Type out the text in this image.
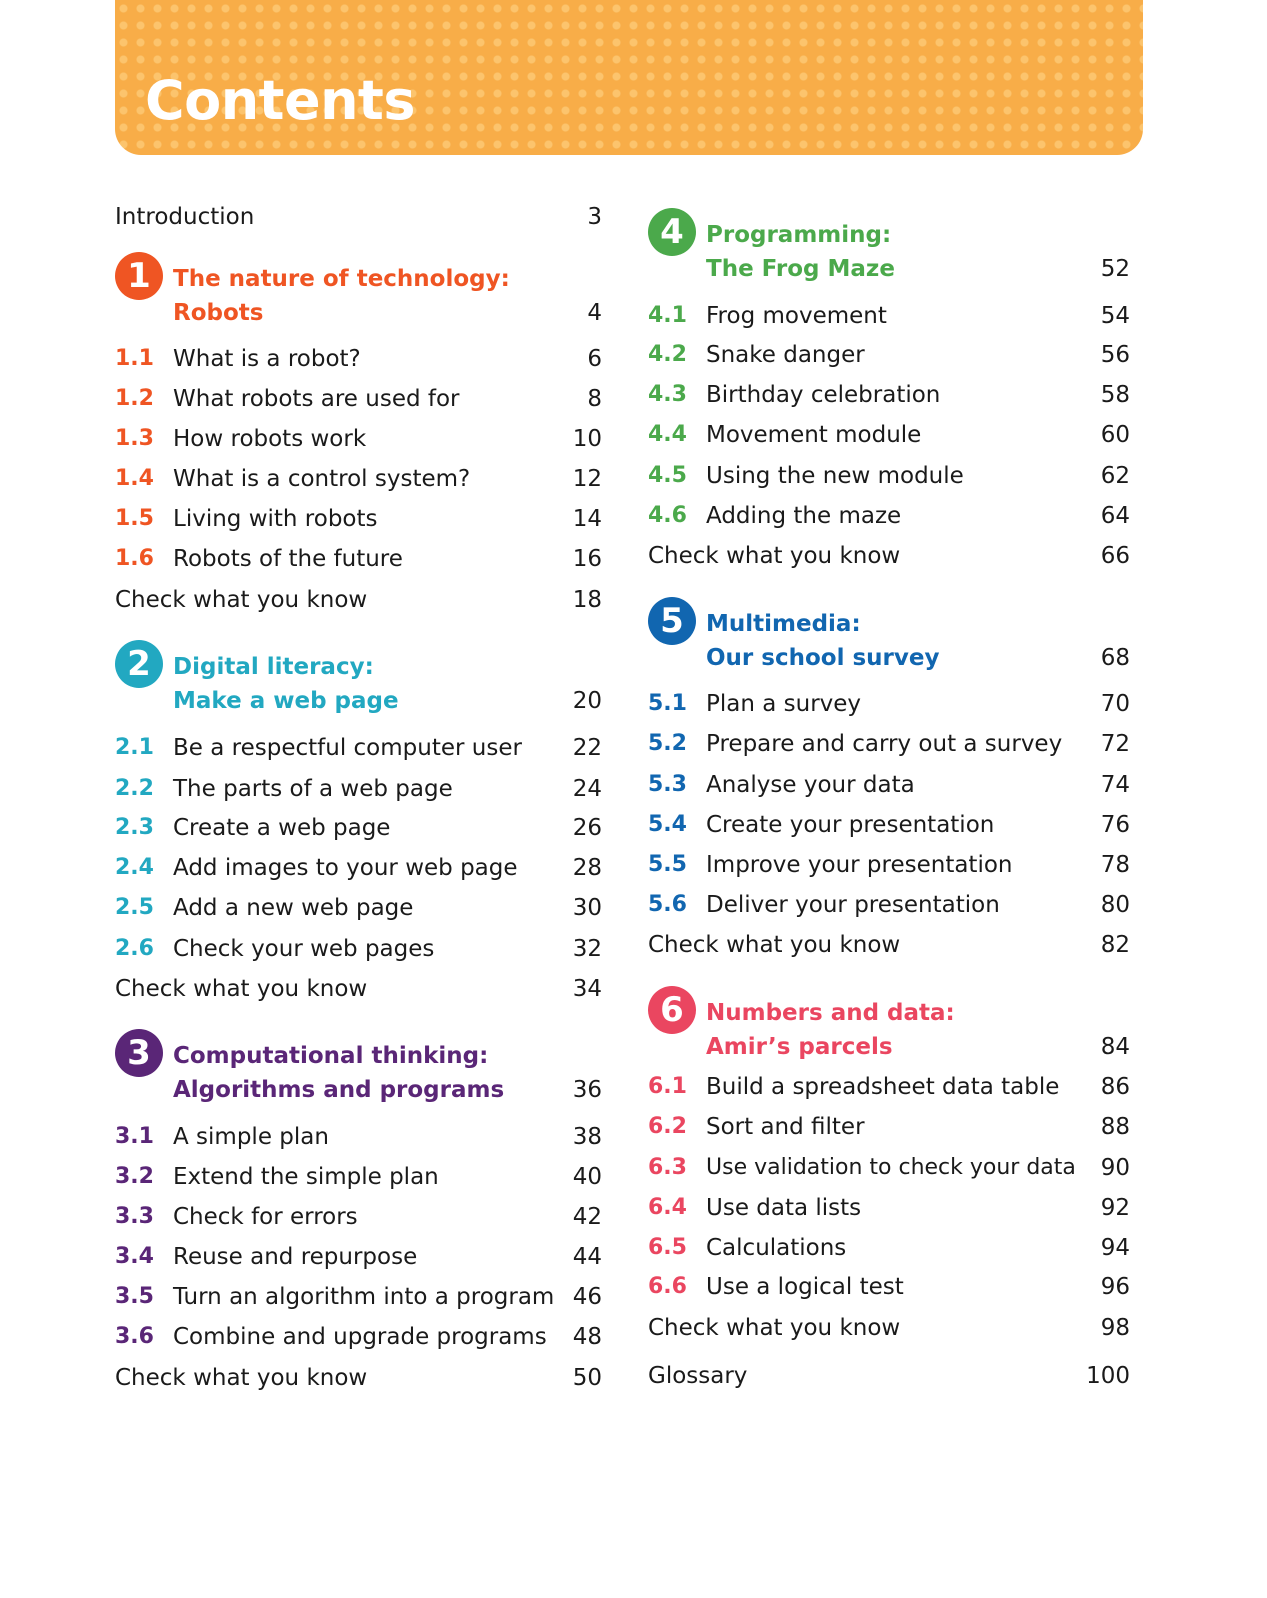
Contents
Introduction	3
1 The nature of technology:
Robots	4
1.1 What is a robot?	6
1.2 What robots are used for	8
1.3 How robots work	10
1.4 What is a control system?	12
1.5 Living with robots	14
1.6 Robots of the future	16
Check what you know	18
2 Digital literacy:
Make a web page	20
2.1 Be a respectful computer user 22
2.2 The parts of a web page	24
2.3 Create a web page	26
2.4 Add images to your web page 28
2.5 Add a new web page	30
2.6 Check your web pages	32
Check what you know	34
3 Computational thinking:
Algorithms and programs	36
3.1 A simple plan	38
3.2 Extend the simple plan	40
3.3 Check for errors	42
3.4 Reuse and repurpose	44
3.5 Turn an algorithm into a program 46
3.6 Combine and upgrade programs 48
Check what you know	50
4 Programming:
The Frog Maze	52
4.1 Frog movement	54
4.2 Snake danger	56
4.3 Birthday celebration	58
4.4 Movement module	60
4.5 Using the new module	62
4.6 Adding the maze	64
Check what you know	66
5 Multimedia:
Our school survey	68
5.1 Plan a survey	70
5.2 Prepare and carry out a survey 72
5.3 Analyse your data	74
5.4 Create your presentation	76
5.5 Improve your presentation	78
5.6 Deliver your presentation	80
Check what you know	82
6 Numbers and data:
Amir’s parcels	84
6.1 Build a spreadsheet data table 86
6.2 Sort and filter	88
6.3 Use validation to check your data 90
6.4 Use data lists	92
6.5 Calculations	94
6.6 Use a logical test	96
Check what you know	98
Glossary	100
